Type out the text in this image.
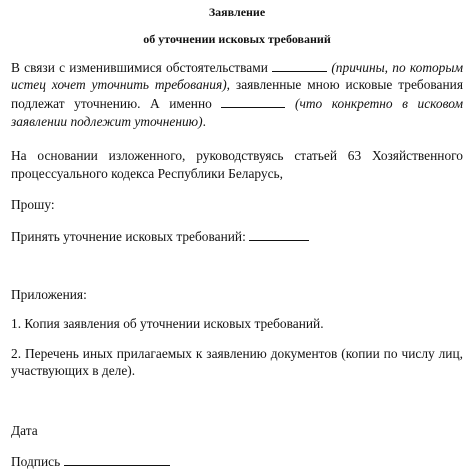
Заявление
об уточнении исковых требований
В связи с изменившимися обстоятельствами	(причины, по которым
истец хочет уточнить требования), заявленные мною исковые требования
подлежат уточнению. А именно	(что конкретно в исковом
заявлении подлежит уточнению).
На основании изложенного, руководствуясь статьей 63 Хозяйственного
процессуального кодекса Республики Беларусь,
Прошу:
Принять уточнение исковых требований:
Приложения:
1. Копия заявления об уточнении исковых требований.
2. Перечень иных прилагаемых к заявлению документов (копии по числу лиц,
участвующих в деле).
Дата
Подпись
